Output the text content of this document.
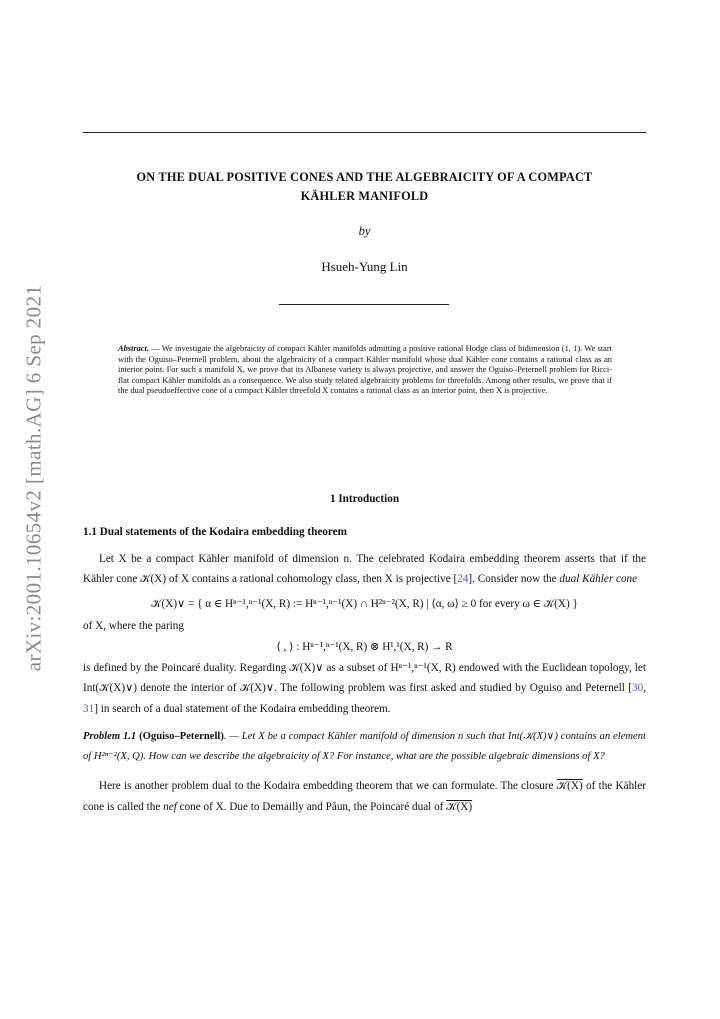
arXiv:2001.10654v2 [math.AG] 6 Sep 2021
ON THE DUAL POSITIVE CONES AND THE ALGEBRAICITY OF A COMPACT
KÄHLER MANIFOLD
by
Hsueh-Yung Lin
Abstract. — We investigate the algebraicity of compact Kähler manifolds admitting a positive rational Hodge class of bidimension (1, 1). We start with the Oguiso–Peternell problem, about the algebraicity of a compact Kähler manifold whose dual Kähler cone contains a rational class as an interior point. For such a manifold X, we prove that its Albanese variety is always projective, and answer the Oguiso–Peternell problem for Ricci-flat compact Kähler manifolds as a consequence. We also study related algebraicity problems for threefolds. Among other results, we prove that if the dual pseudoeffective cone of a compact Kähler threefold X contains a rational class as an interior point, then X is projective.
1 Introduction
1.1 Dual statements of the Kodaira embedding theorem

Let X be a compact Kähler manifold of dimension n. The celebrated Kodaira embedding theorem asserts that if the Kähler cone 𝒦(X) of X contains a rational cohomology class, then X is projective [24]. Consider now the dual Kähler cone

𝒦(X)∨ = { α ∈ Hⁿ⁻¹,ⁿ⁻¹(X, R) := Hⁿ⁻¹,ⁿ⁻¹(X) ∩ H²ⁿ⁻²(X, R) | ⟨α, ω⟩ ≥ 0 for every ω ∈ 𝒦(X) }

of X, where the paring

⟨ , ⟩ : Hⁿ⁻¹,ⁿ⁻¹(X, R) ⊗ H¹,¹(X, R) → R

is defined by the Poincaré duality. Regarding 𝒦(X)∨ as a subset of Hⁿ⁻¹,ⁿ⁻¹(X, R) endowed with the Euclidean topology, let Int(𝒦(X)∨) denote the interior of 𝒦(X)∨. The following problem was first asked and studied by Oguiso and Peternell [30, 31] in search of a dual statement of the Kodaira embedding theorem.

Problem 1.1 (Oguiso–Peternell). — Let X be a compact Kähler manifold of dimension n such that Int(𝒦(X)∨) contains an element of H²ⁿ⁻²(X, Q). How can we describe the algebraicity of X? For instance, what are the possible algebraic dimensions of X?

Here is another problem dual to the Kodaira embedding theorem that we can formulate. The closure 𝒦(X) of the Kähler cone is called the nef cone of X. Due to Demailly and Păun, the Poincaré dual of 𝒦(X)
